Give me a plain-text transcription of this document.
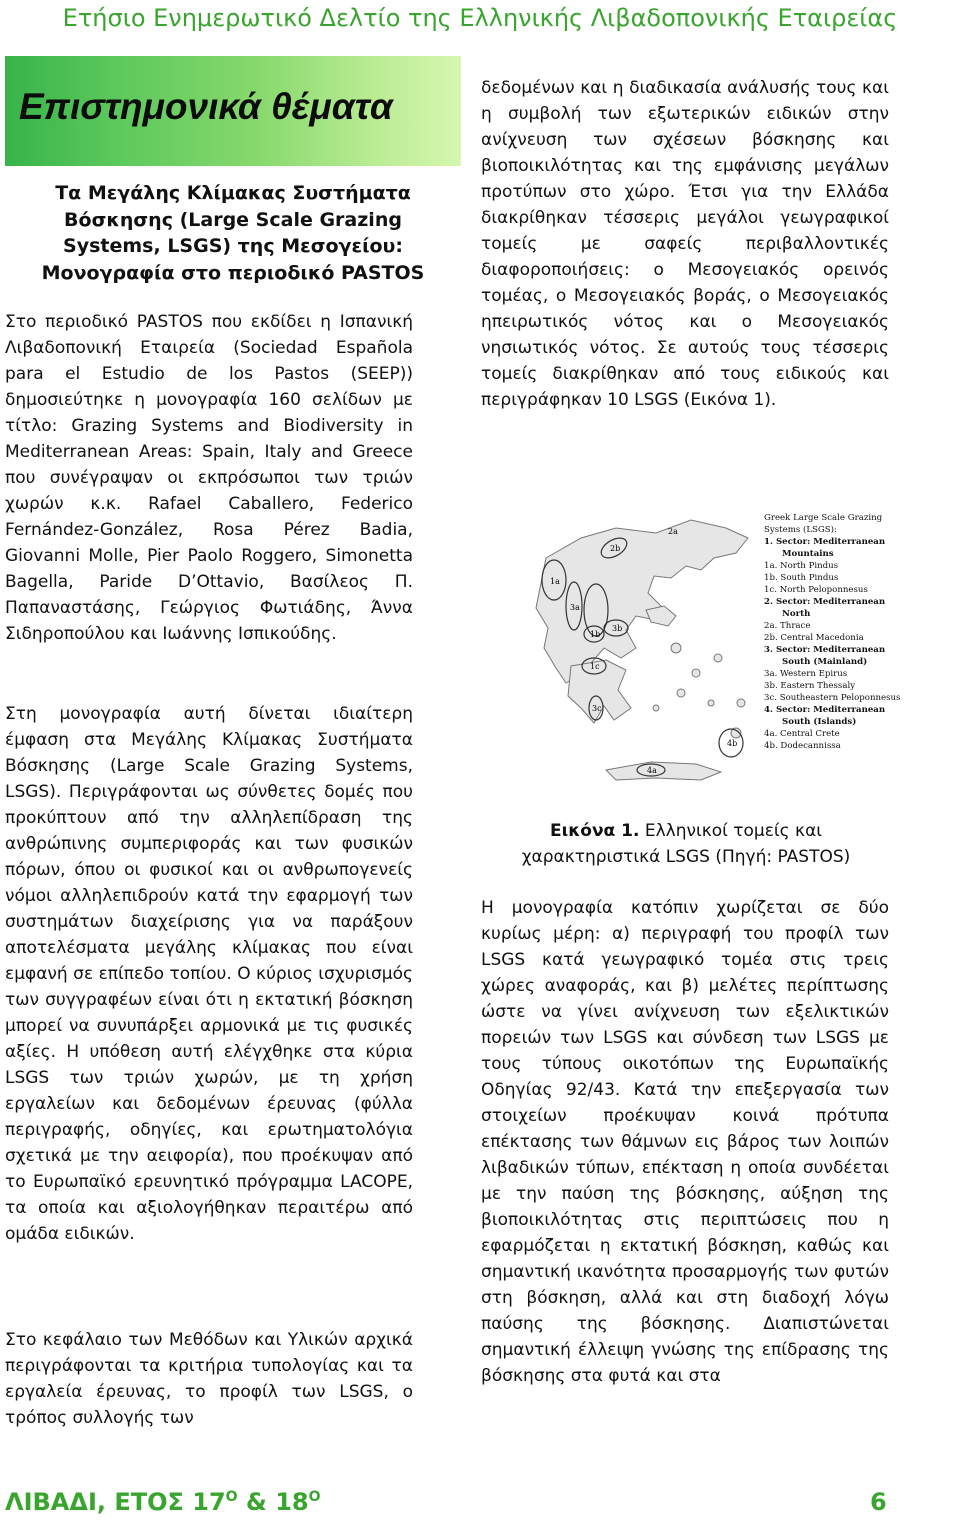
Ετήσιο Ενημερωτικό Δελτίο της Ελληνικής Λιβαδοπονικής Εταιρείας
Επιστημονικά θέματα
Τα Μεγάλης Κλίμακας Συστήματα
Βόσκησης (Large Scale Grazing
Systems, LSGS) της Μεσογείου:
Μονογραφία στο περιοδικό PASTOS
Στο περιοδικό PASTOS που εκδίδει η Ισπανική Λιβαδοπονική Εταιρεία (Sociedad Española para el Estudio de los Pastos (SEEP)) δημοσιεύτηκε η μονογραφία 160 σελίδων με τίτλο: Grazing Systems and Biodiversity in Mediterranean Areas: Spain, Italy and Greece που συνέγραψαν οι εκπρόσωποι των τριών χωρών κ.κ. Rafael Caballero, Federico Fernández-González, Rosa Pérez Badia, Giovanni Molle, Pier Paolo Roggero, Simonetta Bagella, Paride D’Ottavio, Βασίλεος Π. Παπαναστάσης, Γεώργιος Φωτιάδης, Άννα Σιδηροπούλου και Ιωάννης Ισπικούδης.
Στη μονογραφία αυτή δίνεται ιδιαίτερη έμφαση στα Μεγάλης Κλίμακας Συστήματα Βόσκησης (Large Scale Grazing Systems, LSGS). Περιγράφονται ως σύνθετες δομές που προκύπτουν από την αλληλεπίδραση της ανθρώπινης συμπεριφοράς και των φυσικών πόρων, όπου οι φυσικοί και οι ανθρωπογενείς νόμοι αλληλεπιδρούν κατά την εφαρμογή των συστημάτων διαχείρισης για να παράξουν αποτελέσματα μεγάλης κλίμακας που είναι εμφανή σε επίπεδο τοπίου. Ο κύριος ισχυρισμός των συγγραφέων είναι ότι η εκτατική βόσκηση μπορεί να συνυπάρξει αρμονικά με τις φυσικές αξίες. Η υπόθεση αυτή ελέγχθηκε στα κύρια LSGS των τριών χωρών, με τη χρήση εργαλείων και δεδομένων έρευνας (φύλλα περιγραφής, οδηγίες, και ερωτηματολόγια σχετικά με την αειφορία), που προέκυψαν από το Ευρωπαϊκό ερευνητικό πρόγραμμα LACOPE, τα οποία και αξιολογήθηκαν περαιτέρω από ομάδα ειδικών.
Στο κεφάλαιο των Μεθόδων και Υλικών αρχικά περιγράφονται τα κριτήρια τυπολογίας και τα εργαλεία έρευνας, το προφίλ των LSGS, ο τρόπος συλλογής των
δεδομένων και η διαδικασία ανάλυσής τους και η συμβολή των εξωτερικών ειδικών στην ανίχνευση των σχέσεων βόσκησης και βιοποικιλότητας και της εμφάνισης μεγάλων προτύπων στο χώρο. Έτσι για την Ελλάδα διακρίθηκαν τέσσερις μεγάλοι γεωγραφικοί τομείς με σαφείς περιβαλλοντικές διαφοροποιήσεις: ο Μεσογειακός ορεινός τομέας, ο Μεσογειακός βοράς, ο Μεσογειακός ηπειρωτικός νότος και ο Μεσογειακός νησιωτικός νότος. Σε αυτούς τους τέσσερις τομείς διακρίθηκαν από τους ειδικούς και περιγράφηκαν 10 LSGS (Εικόνα 1).
2b
2a
1a
3a
3b
1b
1c
3c
4a
4b
Greek Large Scale Grazing
Systems (LSGS):
1. Sector: Mediterranean
Mountains
1a. North Pindus
1b. South Pindus
1c. North Peloponnesus
2. Sector: Mediterranean
North
2a. Thrace
2b. Central Macedonia
3. Sector: Mediterranean
South (Mainland)
3a. Western Epirus
3b. Eastern Thessaly
3c. Southeastern Peloponnesus
4. Sector: Mediterranean
South (Islands)
4a. Central Crete
4b. Dodecannissa
Εικόνα 1. Ελληνικοί τομείς και χαρακτηριστικά LSGS (Πηγή: PASTOS)
Η μονογραφία κατόπιν χωρίζεται σε δύο κυρίως μέρη: α) περιγραφή του προφίλ των LSGS κατά γεωγραφικό τομέα στις τρεις χώρες αναφοράς, και β) μελέτες περίπτωσης ώστε να γίνει ανίχνευση των εξελικτικών πορειών των LSGS και σύνδεση των LSGS με τους τύπους οικοτόπων της Ευρωπαϊκής Οδηγίας 92/43. Κατά την επεξεργασία των στοιχείων προέκυψαν κοινά πρότυπα επέκτασης των θάμνων εις βάρος των λοιπών λιβαδικών τύπων, επέκταση η οποία συνδέεται με την παύση της βόσκησης, αύξηση της βιοποικιλότητας στις περιπτώσεις που η εφαρμόζεται η εκτατική βόσκηση, καθώς και σημαντική ικανότητα προσαρμογής των φυτών στη βόσκηση, αλλά και στη διαδοχή λόγω παύσης της βόσκησης. Διαπιστώνεται σημαντική έλλειψη γνώσης της επίδρασης της βόσκησης στα φυτά και στα
ΛΙΒΑΔΙ, ΕΤΟΣ $17^O$ & $18^O$	6
